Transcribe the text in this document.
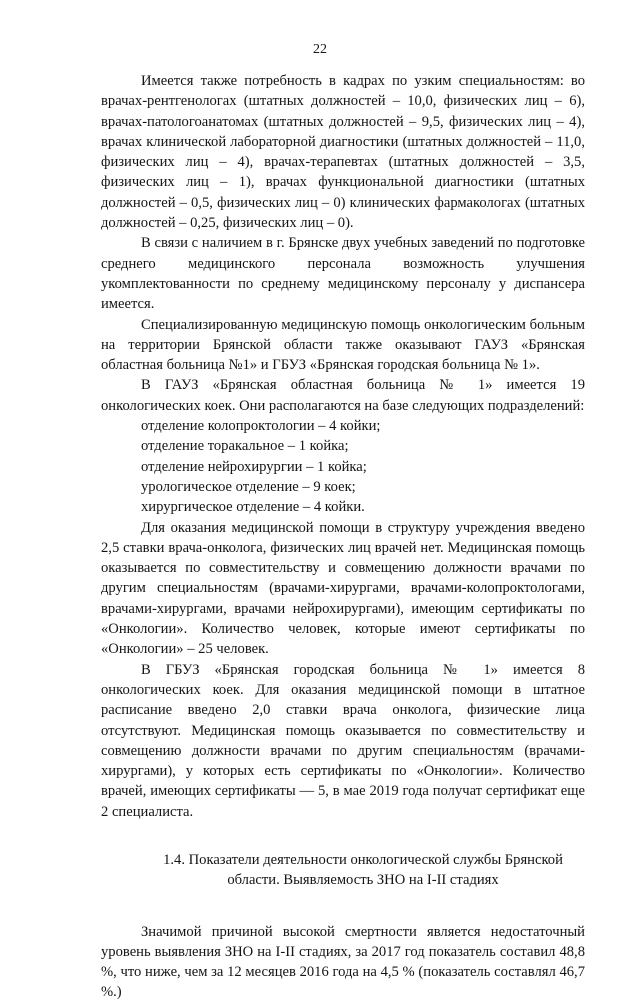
22

Имеется также потребность в кадрах по узким специальностям: во врачах-рентгенологах (штатных должностей – 10,0, физических лиц – 6), врачах-патологоанатомах (штатных должностей – 9,5, физических лиц – 4), врачах клинической лабораторной диагностики (штатных должностей – 11,0, физических лиц – 4), врачах-терапевтах (штатных должностей – 3,5, физических лиц – 1), врачах функциональной диагностики (штатных должностей – 0,5, физических лиц – 0) клинических фармакологах (штатных должностей – 0,25, физических лиц – 0).

В связи с наличием в г. Брянске двух учебных заведений по подготовке среднего медицинского персонала возможность улучшения укомплектованности по среднему медицинскому персоналу у диспансера имеется.

Специализированную медицинскую помощь онкологическим больным на территории Брянской области также оказывают ГАУЗ «Брянская областная больница №1» и ГБУЗ «Брянская городская больница № 1».

В ГАУЗ «Брянская областная больница № 1» имеется 19 онкологических коек. Они располагаются на базе следующих подразделений:

отделение колопроктологии – 4 койки;
отделение торакальное – 1 койка;
отделение нейрохирургии – 1 койка;
урологическое отделение – 9 коек;
хирургическое отделение – 4 койки.

Для оказания медицинской помощи в структуру учреждения введено 2,5 ставки врача-онколога, физических лиц врачей нет. Медицинская помощь оказывается по совместительству и совмещению должности врачами по другим специальностям (врачами-хирургами, врачами-колопроктологами, врачами-хирургами, врачами нейрохирургами), имеющим сертификаты по «Онкологии». Количество человек, которые имеют сертификаты по «Онкологии» – 25 человек.

В ГБУЗ «Брянская городская больница № 1» имеется 8 онкологических коек. Для оказания медицинской помощи в штатное расписание введено 2,0 ставки врача онколога, физические лица отсутствуют. Медицинская помощь оказывается по совместительству и совмещению должности врачами по другим специальностям (врачами-хирургами), у которых есть сертификаты по «Онкологии». Количество врачей, имеющих сертификаты — 5, в мае 2019 года получат сертификат еще 2 специалиста.

1.4. Показатели деятельности онкологической службы Брянской
области. Выявляемость ЗНО на I-II стадиях

Значимой причиной высокой смертности является недостаточный уровень выявления ЗНО на I-II стадиях, за 2017 год показатель составил 48,8 %, что ниже, чем за 12 месяцев 2016 года на 4,5 % (показатель составлял 46,7 %.)
